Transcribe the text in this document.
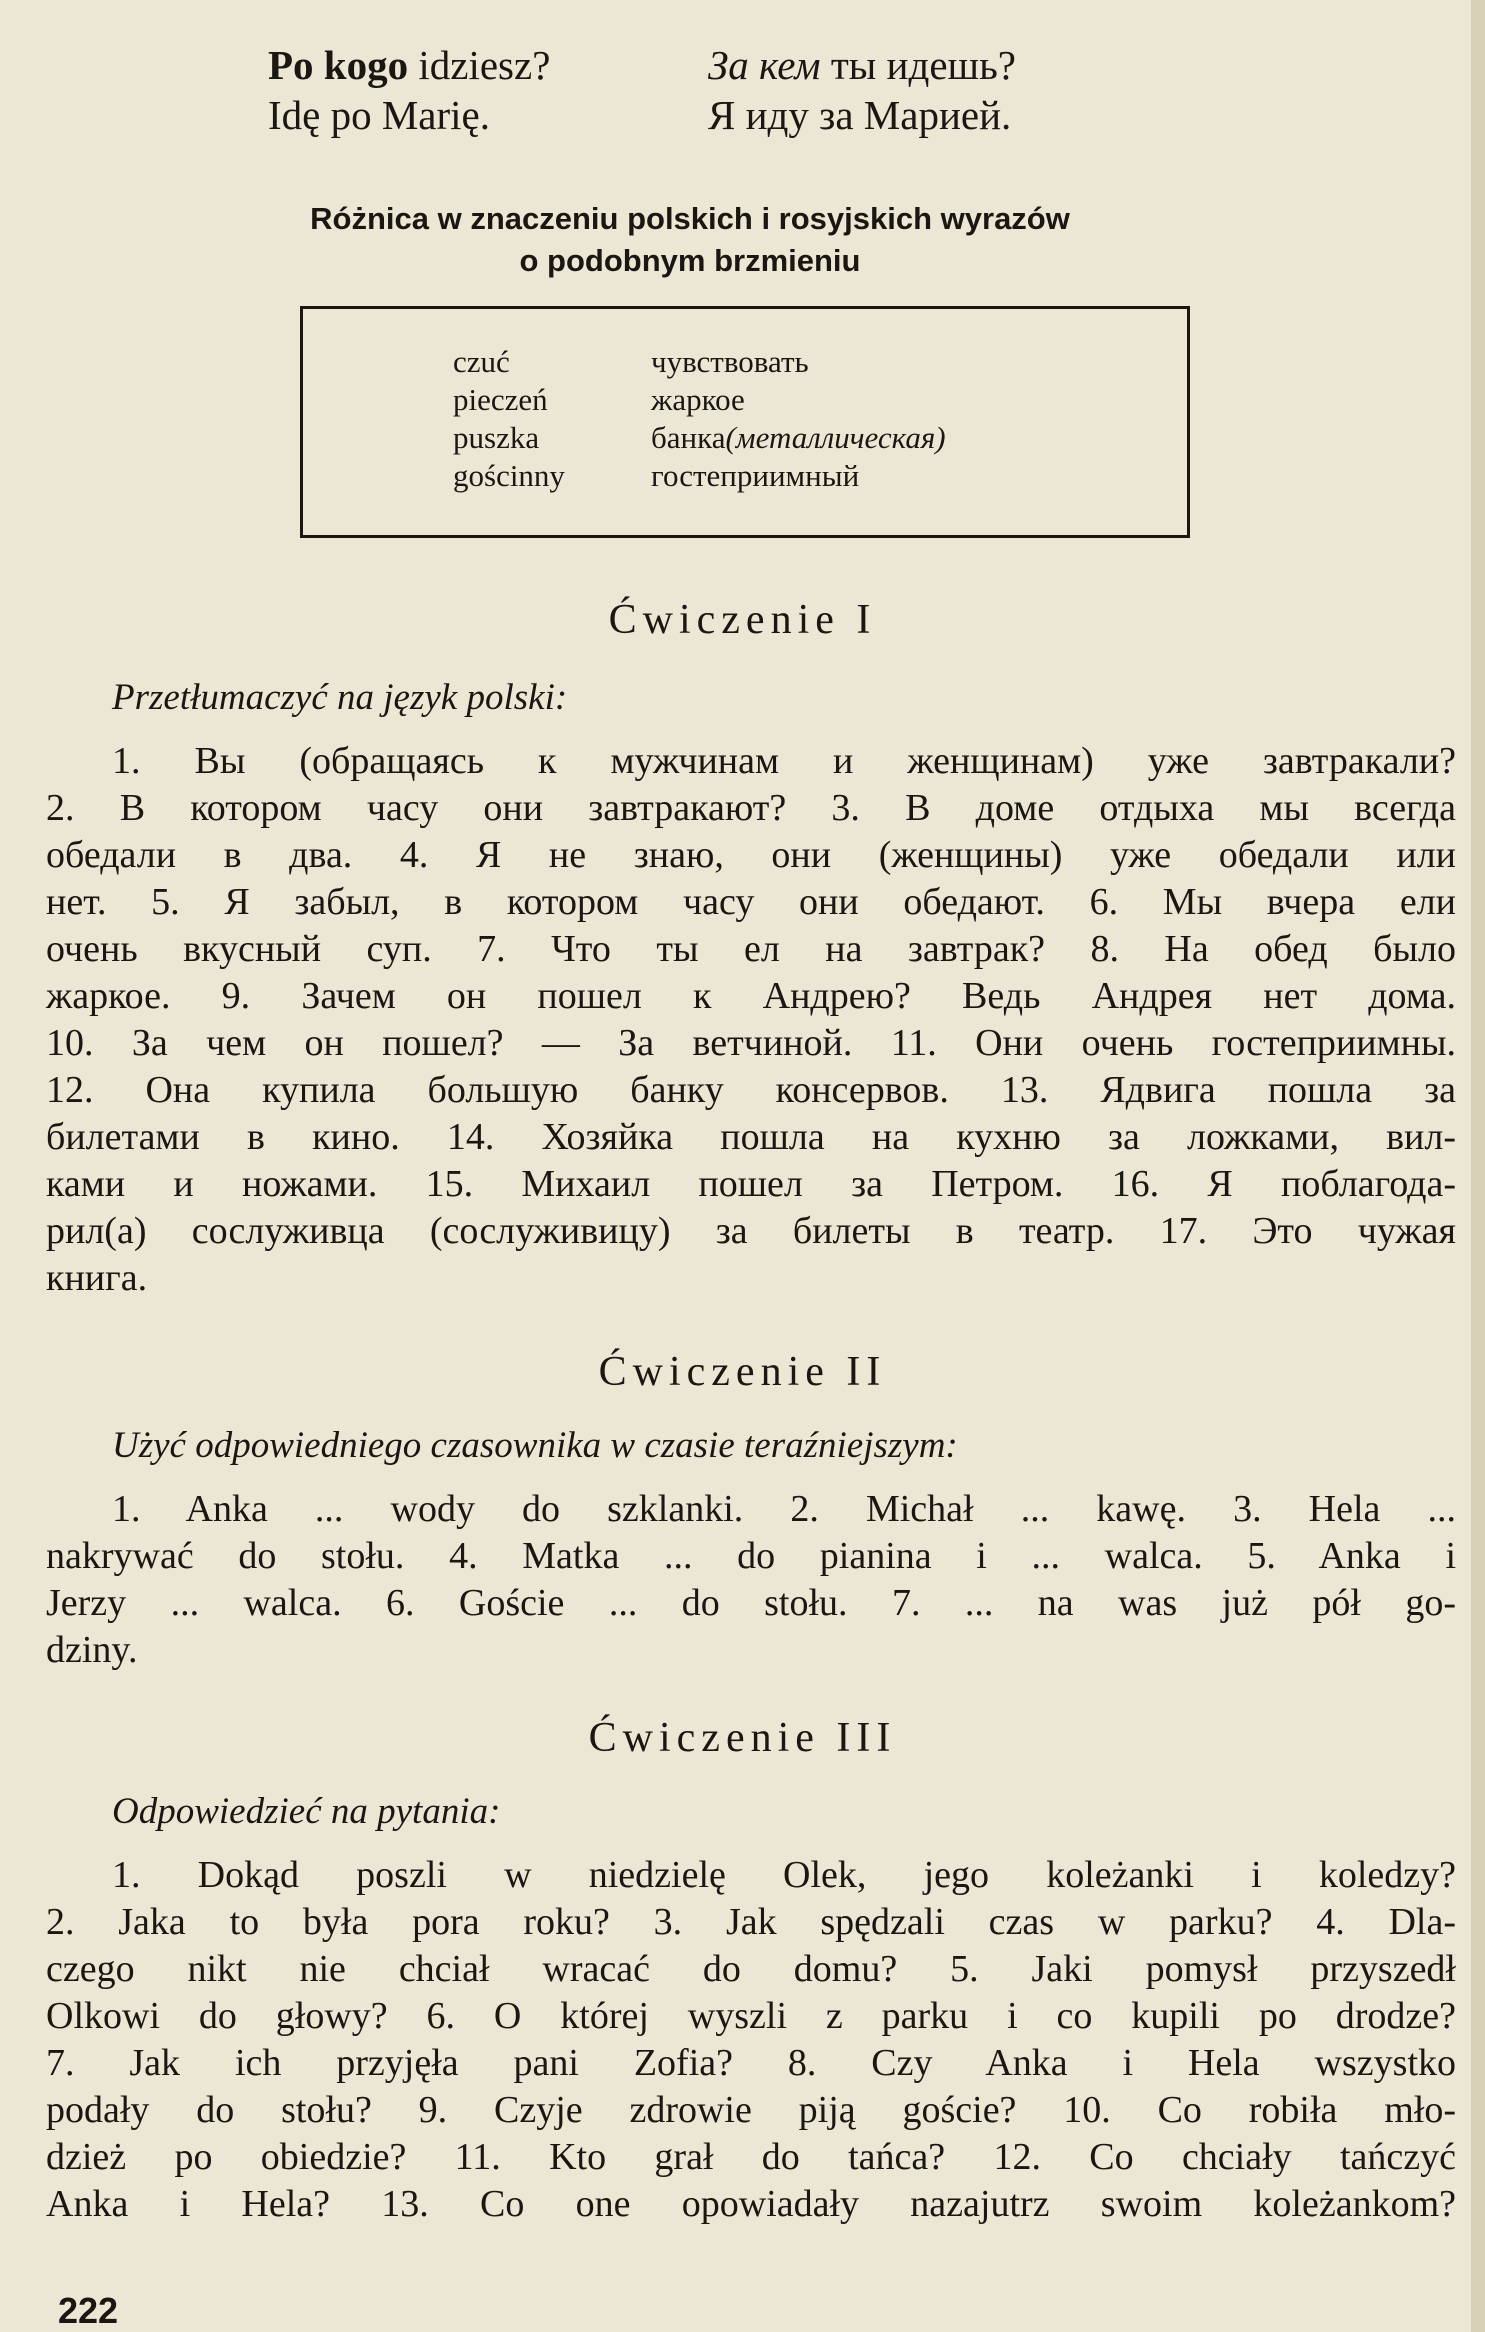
Po kogo idziesz?	За кем ты идешь?
Idę po Marię.	Я иду за Марией.
Różnica w znaczeniu polskich i rosyjskich wyrazów
o podobnym brzmieniu
czuć	чувствовать
pieczeń	жаркое
puszka	банка (металлическая)
gościnny	гостеприимный
Ćwiczenie I
Przetłumaczyć na język polski:
1. Вы (обращаясь к мужчинам и женщинам) уже завтракали?
2. В котором часу они завтракают? 3. В доме отдыха мы всегда
обедали в два. 4. Я не знаю, они (женщины) уже обедали или
нет. 5. Я забыл, в котором часу они обедают. 6. Мы вчера ели
очень вкусный суп. 7. Что ты ел на завтрак? 8. На обед было
жаркое. 9. Зачем он пошел к Андрею? Ведь Андрея нет дома.
10. За чем он пошел? — За ветчиной. 11. Они очень гостеприимны.
12. Она купила большую банку консервов. 13. Ядвига пошла за
билетами в кино. 14. Хозяйка пошла на кухню за ложками, вил-
ками и ножами. 15. Михаил пошел за Петром. 16. Я поблагода-
рил(а) сослуживца (сослуживицу) за билеты в театр. 17. Это чужая
книга.
Ćwiczenie II
Użyć odpowiedniego czasownika w czasie teraźniejszym:
1. Anka ... wody do szklanki. 2. Michał ... kawę. 3. Hela ...
nakrywać do stołu. 4. Matka ... do pianina i ... walca. 5. Anka i
Jerzy ... walca. 6. Goście ... do stołu. 7. ... na was już pół go-
dziny.
Ćwiczenie III
Odpowiedzieć na pytania:
1. Dokąd poszli w niedzielę Olek, jego koleżanki i koledzy?
2. Jaka to była pora roku? 3. Jak spędzali czas w parku? 4. Dla-
czego nikt nie chciał wracać do domu? 5. Jaki pomysł przyszedł
Olkowi do głowy? 6. O której wyszli z parku i co kupili po drodze?
7. Jak ich przyjęła pani Zofia? 8. Czy Anka i Hela wszystko
podały do stołu? 9. Czyje zdrowie piją goście? 10. Co robiła mło-
dzież po obiedzie? 11. Kto grał do tańca? 12. Co chciały tańczyć
Anka i Hela? 13. Co one opowiadały nazajutrz swoim koleżankom?
222
